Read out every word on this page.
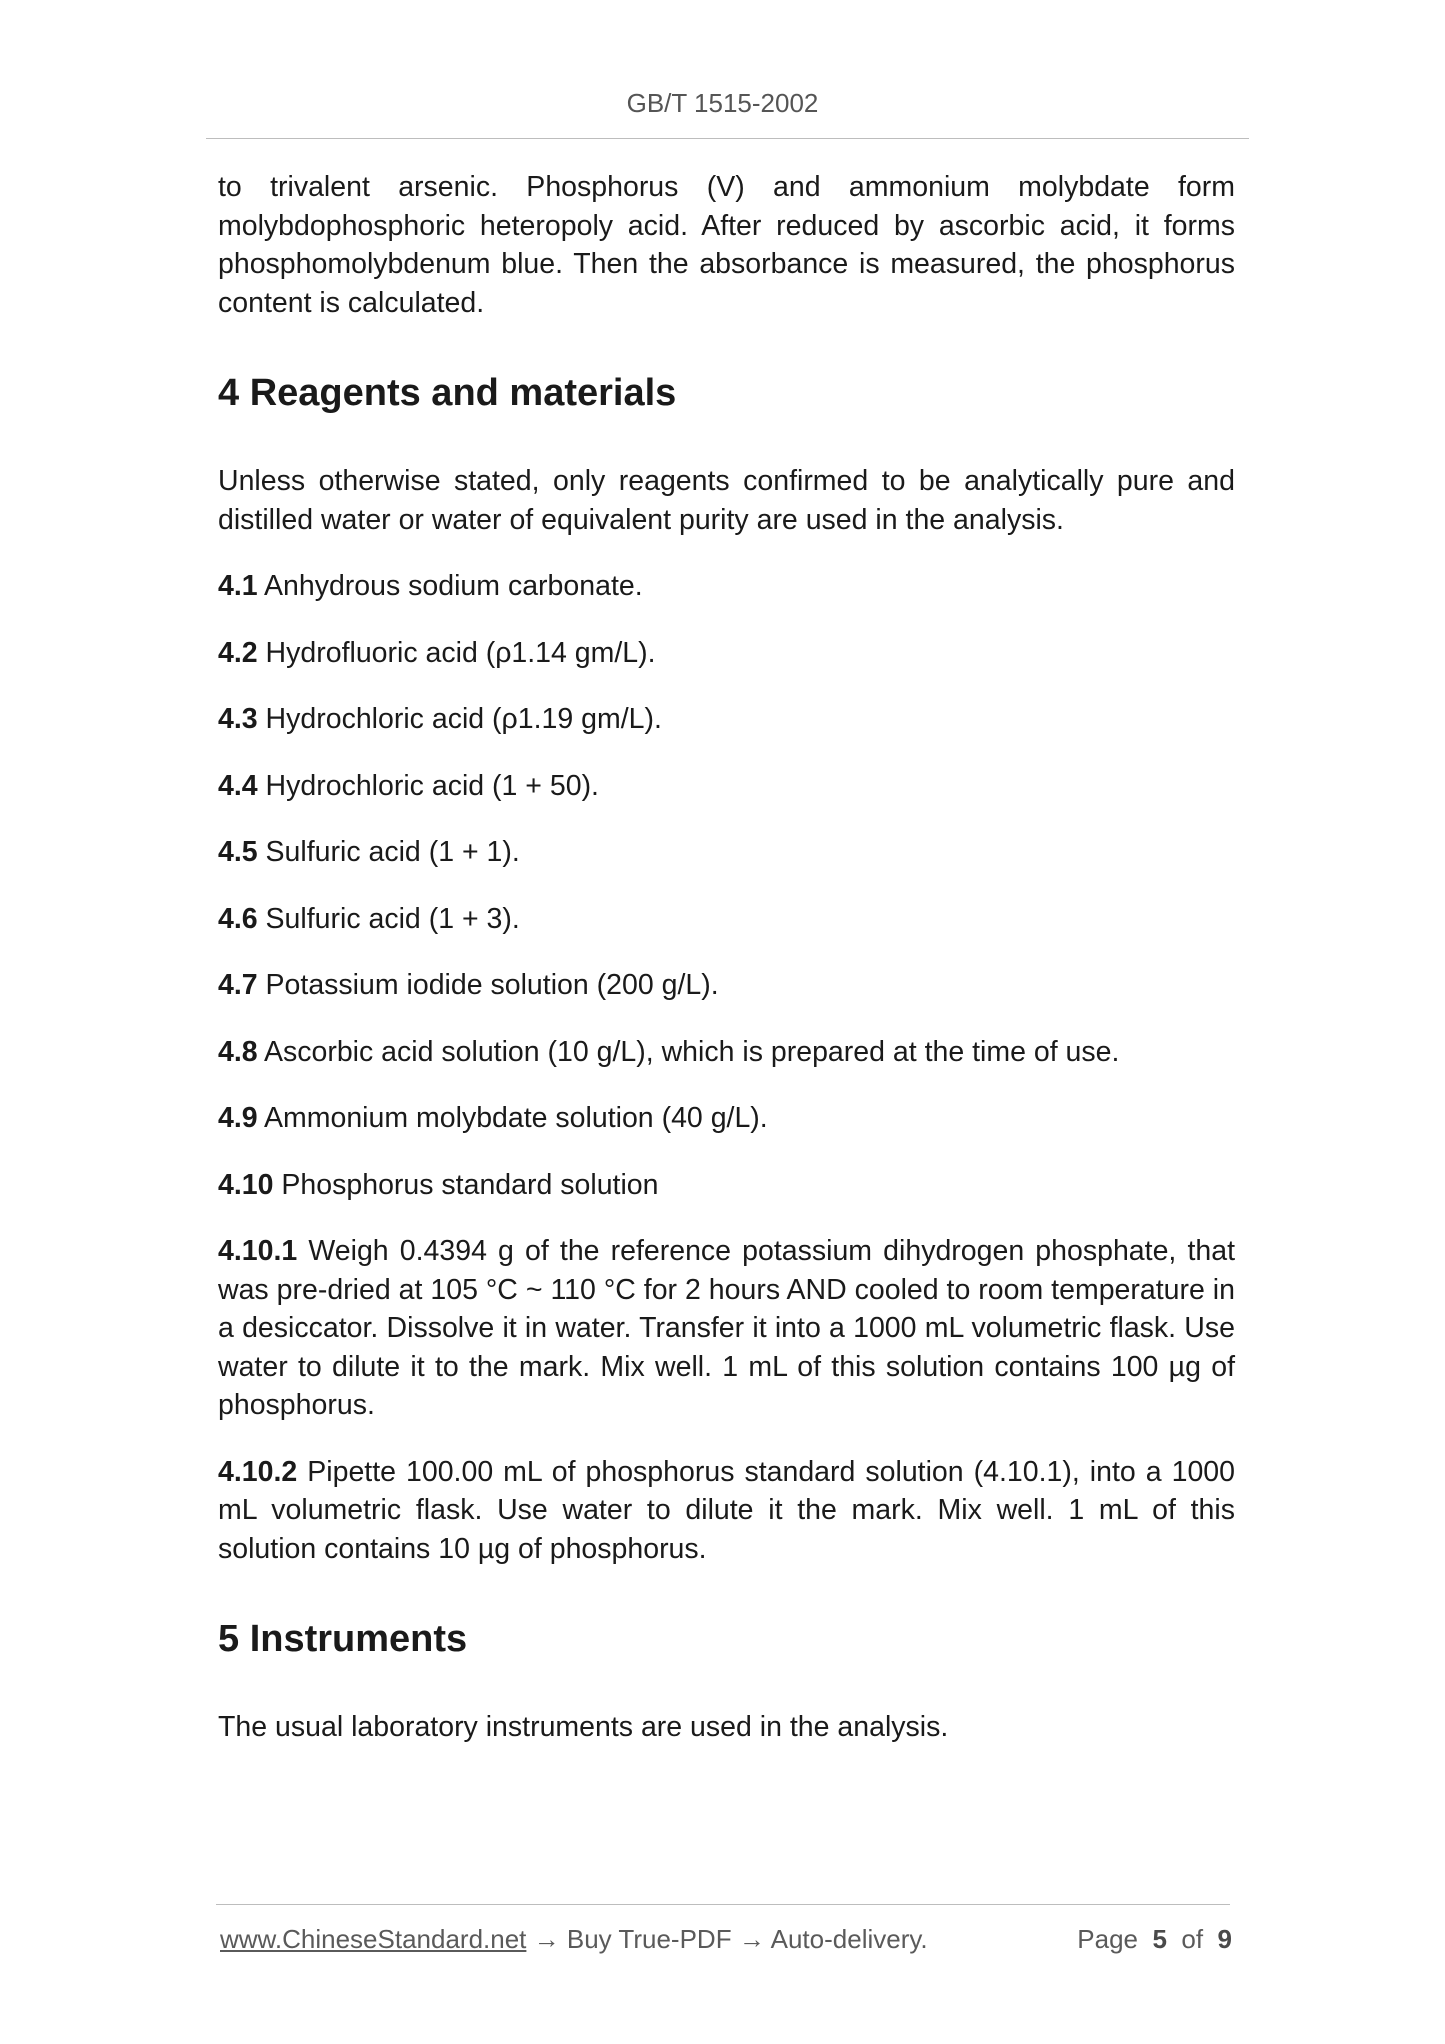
GB/T 1515-2002

to trivalent arsenic. Phosphorus (V) and ammonium molybdate form molybdophosphoric heteropoly acid. After reduced by ascorbic acid, it forms phosphomolybdenum blue. Then the absorbance is measured, the phosphorus content is calculated.

4 Reagents and materials

Unless otherwise stated, only reagents confirmed to be analytically pure and distilled water or water of equivalent purity are used in the analysis.

4.1 Anhydrous sodium carbonate.

4.2 Hydrofluoric acid (ρ1.14 gm/L).

4.3 Hydrochloric acid (ρ1.19 gm/L).

4.4 Hydrochloric acid (1 + 50).

4.5 Sulfuric acid (1 + 1).

4.6 Sulfuric acid (1 + 3).

4.7 Potassium iodide solution (200 g/L).

4.8 Ascorbic acid solution (10 g/L), which is prepared at the time of use.

4.9 Ammonium molybdate solution (40 g/L).

4.10 Phosphorus standard solution

4.10.1 Weigh 0.4394 g of the reference potassium dihydrogen phosphate, that was pre-dried at 105 °C ~ 110 °C for 2 hours AND cooled to room temperature in a desiccator. Dissolve it in water. Transfer it into a 1000 mL volumetric flask. Use water to dilute it to the mark. Mix well. 1 mL of this solution contains 100 µg of phosphorus.

4.10.2 Pipette 100.00 mL of phosphorus standard solution (4.10.1), into a 1000 mL volumetric flask. Use water to dilute it the mark. Mix well. 1 mL of this solution contains 10 µg of phosphorus.

5 Instruments

The usual laboratory instruments are used in the analysis.

www.ChineseStandard.net → Buy True-PDF → Auto-delivery.	Page 5 of 9
